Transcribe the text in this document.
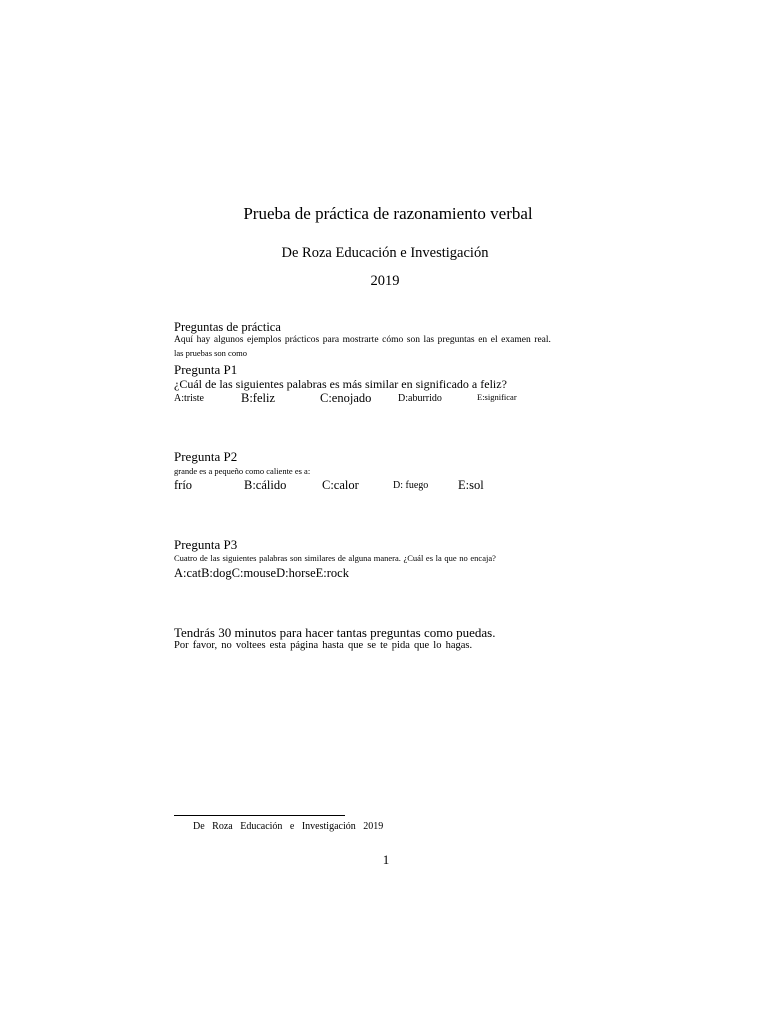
Prueba de práctica de razonamiento verbal
De Roza Educación e Investigación
2019
Preguntas de práctica
Aquí hay algunos ejemplos prácticos para mostrarte cómo son las preguntas en el examen real.
las pruebas son como
Pregunta P1
¿Cuál de las siguientes palabras es más similar en significado a feliz?
A:triste	B:feliz	C:enojado	D:aburrido	E:significar
Pregunta P2
grande es a pequeño como caliente es a:
frío	B:cálido	C:calor	D: fuego E:sol
Pregunta P3
Cuatro de las siguientes palabras son similares de alguna manera. ¿Cuál es la que no encaja?
A:catB:dogC:mouseD:horseE:rock
Tendrás 30 minutos para hacer tantas preguntas como puedas.
Por favor, no voltees esta página hasta que se te pida que lo hagas.
De Roza Educación e Investigación 2019
1
